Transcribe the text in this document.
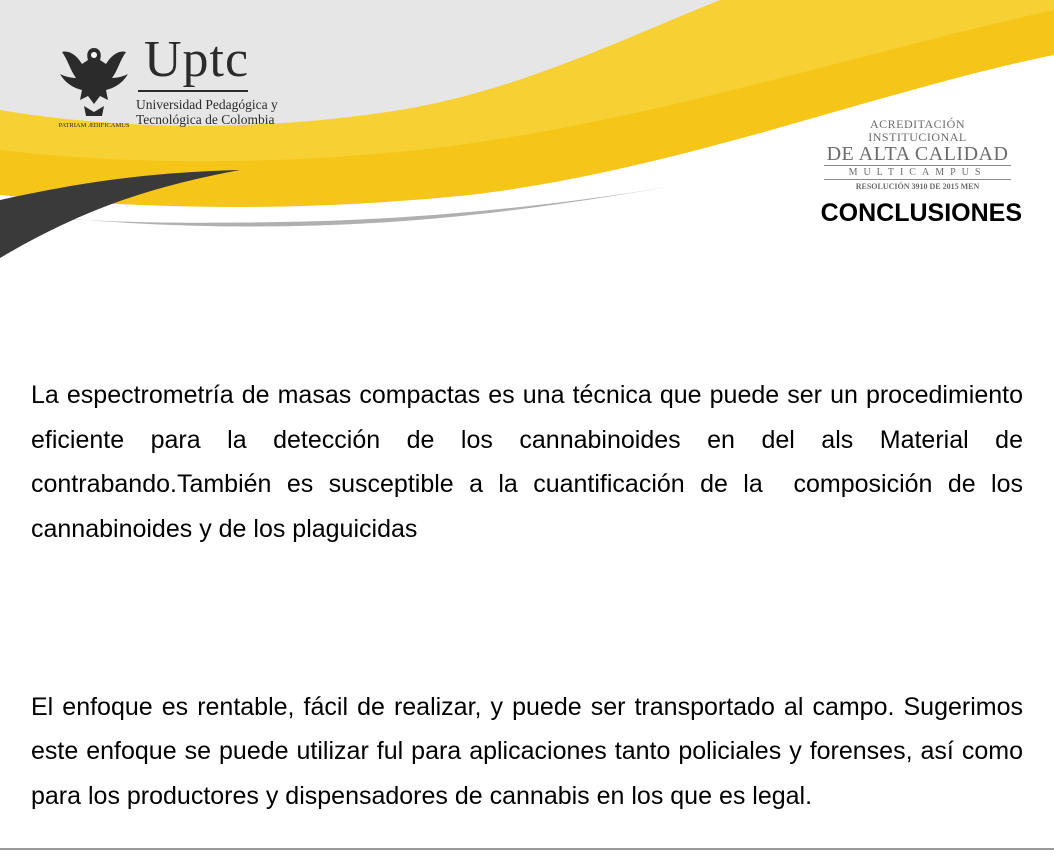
PATRIAM ÆDIFICAMUS
Uptc
Universidad Pedagógica y
Tecnológica de Colombia	ACREDITACIÓN INSTITUCIONAL
DE ALTA CALIDAD
MULTICAMPUS
RESOLUCIÓN 3910 DE 2015 MEN
CONCLUSIONES

La espectrometría de masas compactas es una técnica que puede ser un procedimiento eficiente para la detección de los cannabinoides en del als Material de  contrabando.También es susceptible a la cuantificación de la  composición de los cannabinoides y de los plaguicidas

El enfoque es rentable, fácil de realizar, y puede ser transportado al campo. Sugerimos este enfoque se puede utilizar ful para aplicaciones tanto policiales y forenses, así como para los productores y dispensadores de cannabis en los que es legal.
